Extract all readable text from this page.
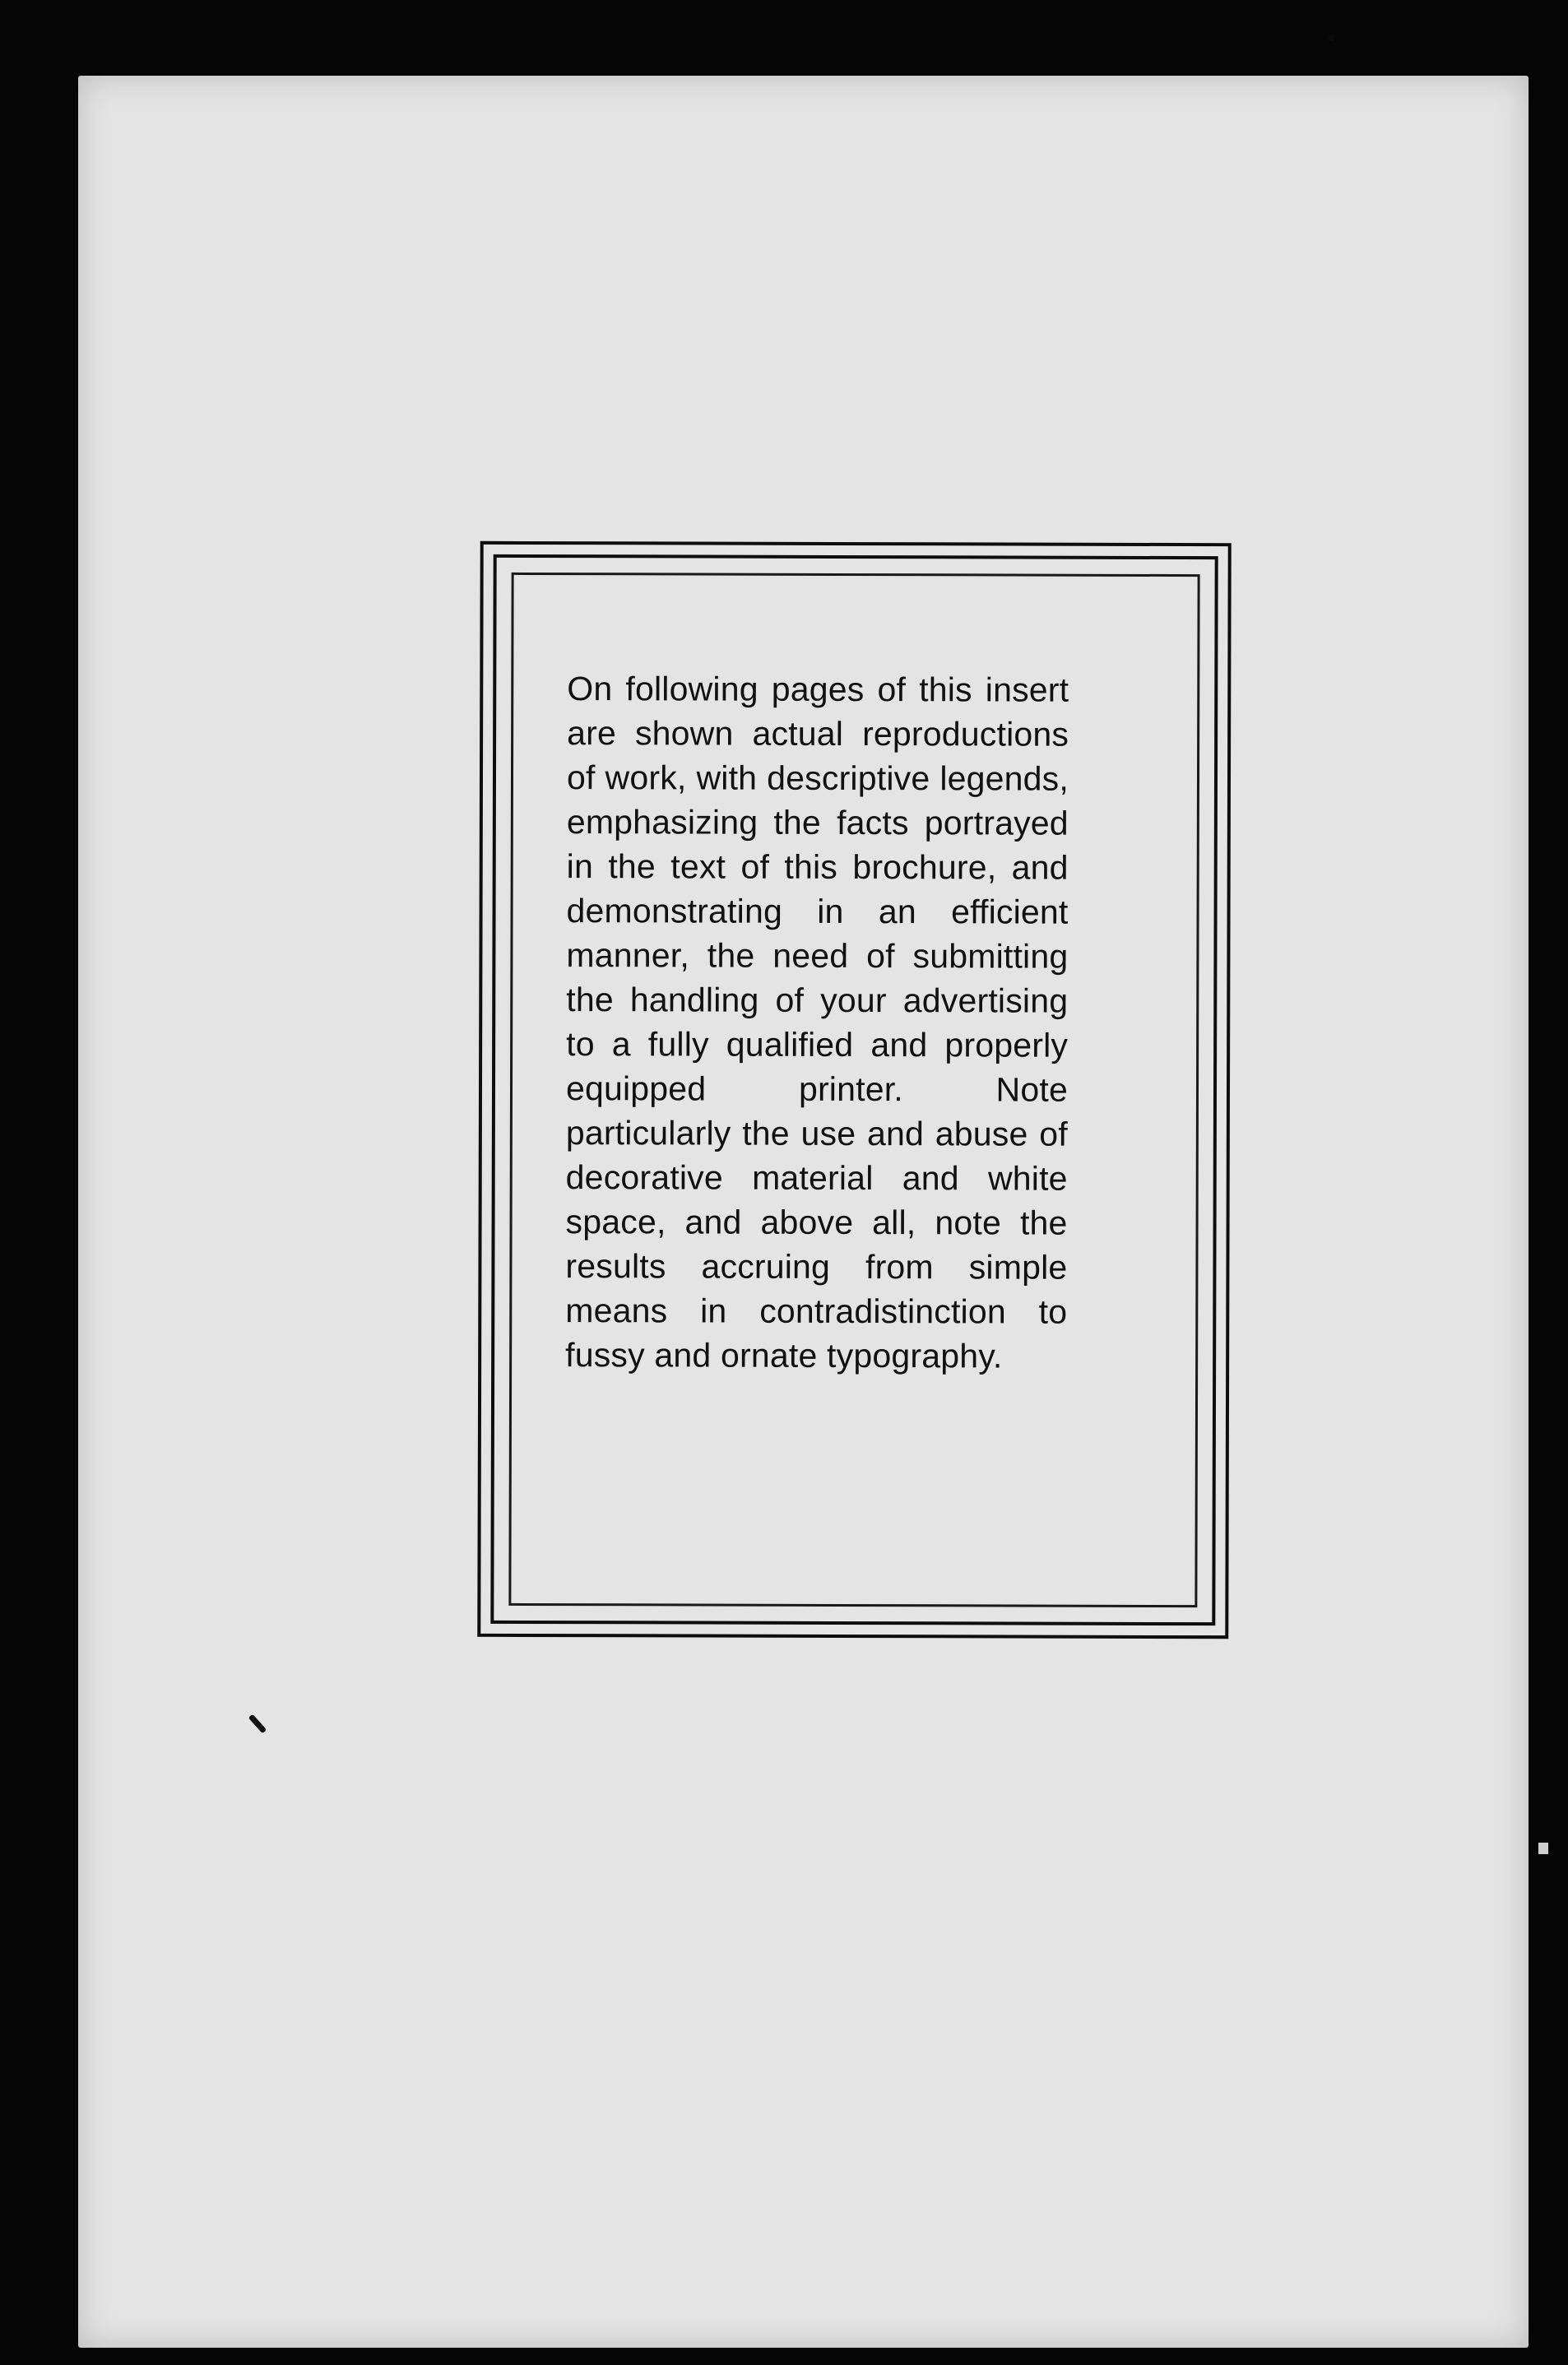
On following pages of this insert are shown actual reproductions of work, with descriptive legends, emphasizing the facts portrayed in the text of this brochure, and demonstrating in an efficient manner, the need of submitting the handling of your advertising to a fully qualified and properly equipped printer. Note particularly the use and abuse of decorative material and white space, and above all, note the results accruing from simple means in contradistinction to fussy and ornate typography.
